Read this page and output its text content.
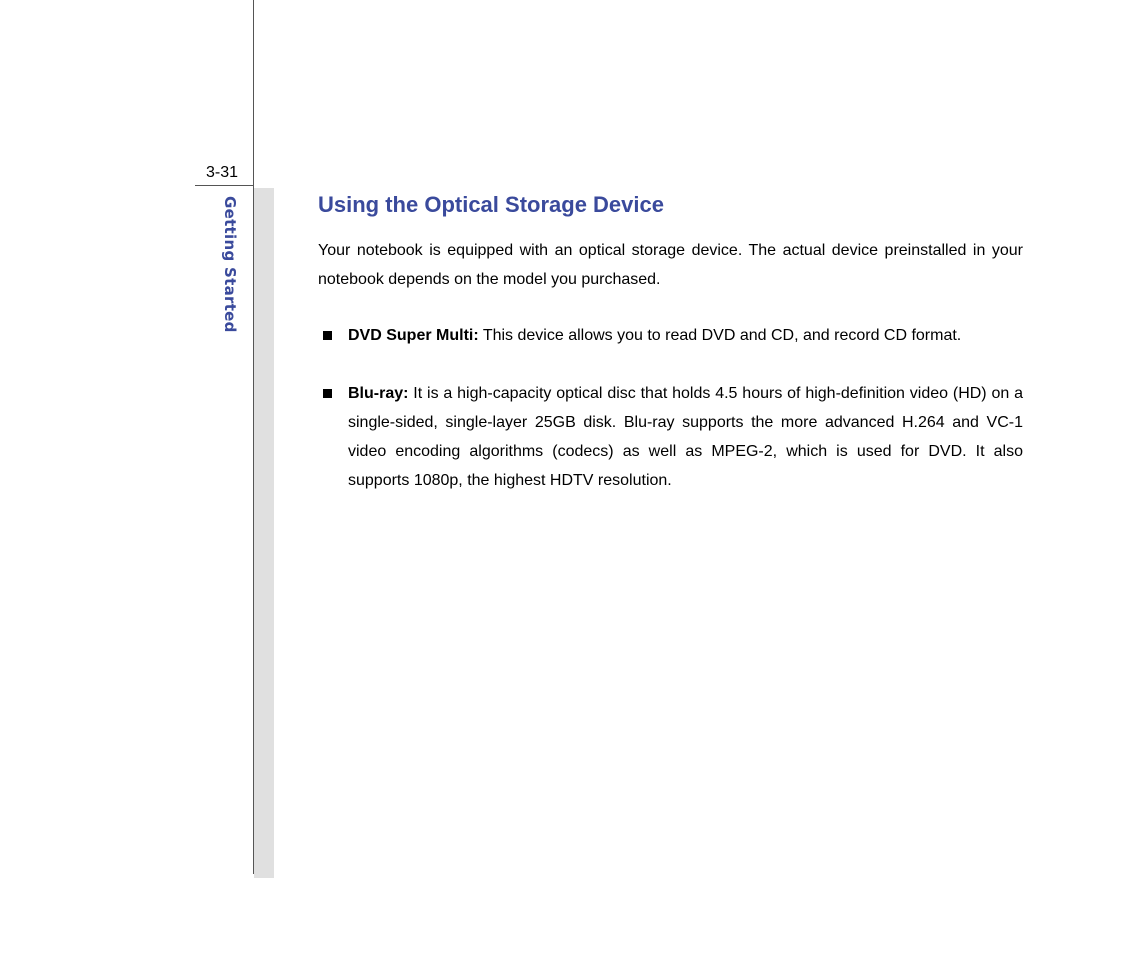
3-31
Getting Started	Using the Optical Storage Device

Your notebook is equipped with an optical storage device. The actual device preinstalled in your notebook depends on the model you purchased.

DVD Super Multi: This device allows you to read DVD and CD, and record CD format.
Blu-ray: It is a high-capacity optical disc that holds 4.5 hours of high-definition video (HD) on a single-sided, single-layer 25GB disk. Blu-ray supports the more advanced H.264 and VC-1 video encoding algorithms (codecs) as well as MPEG-2, which is used for DVD. It also supports 1080p, the highest HDTV resolution.
